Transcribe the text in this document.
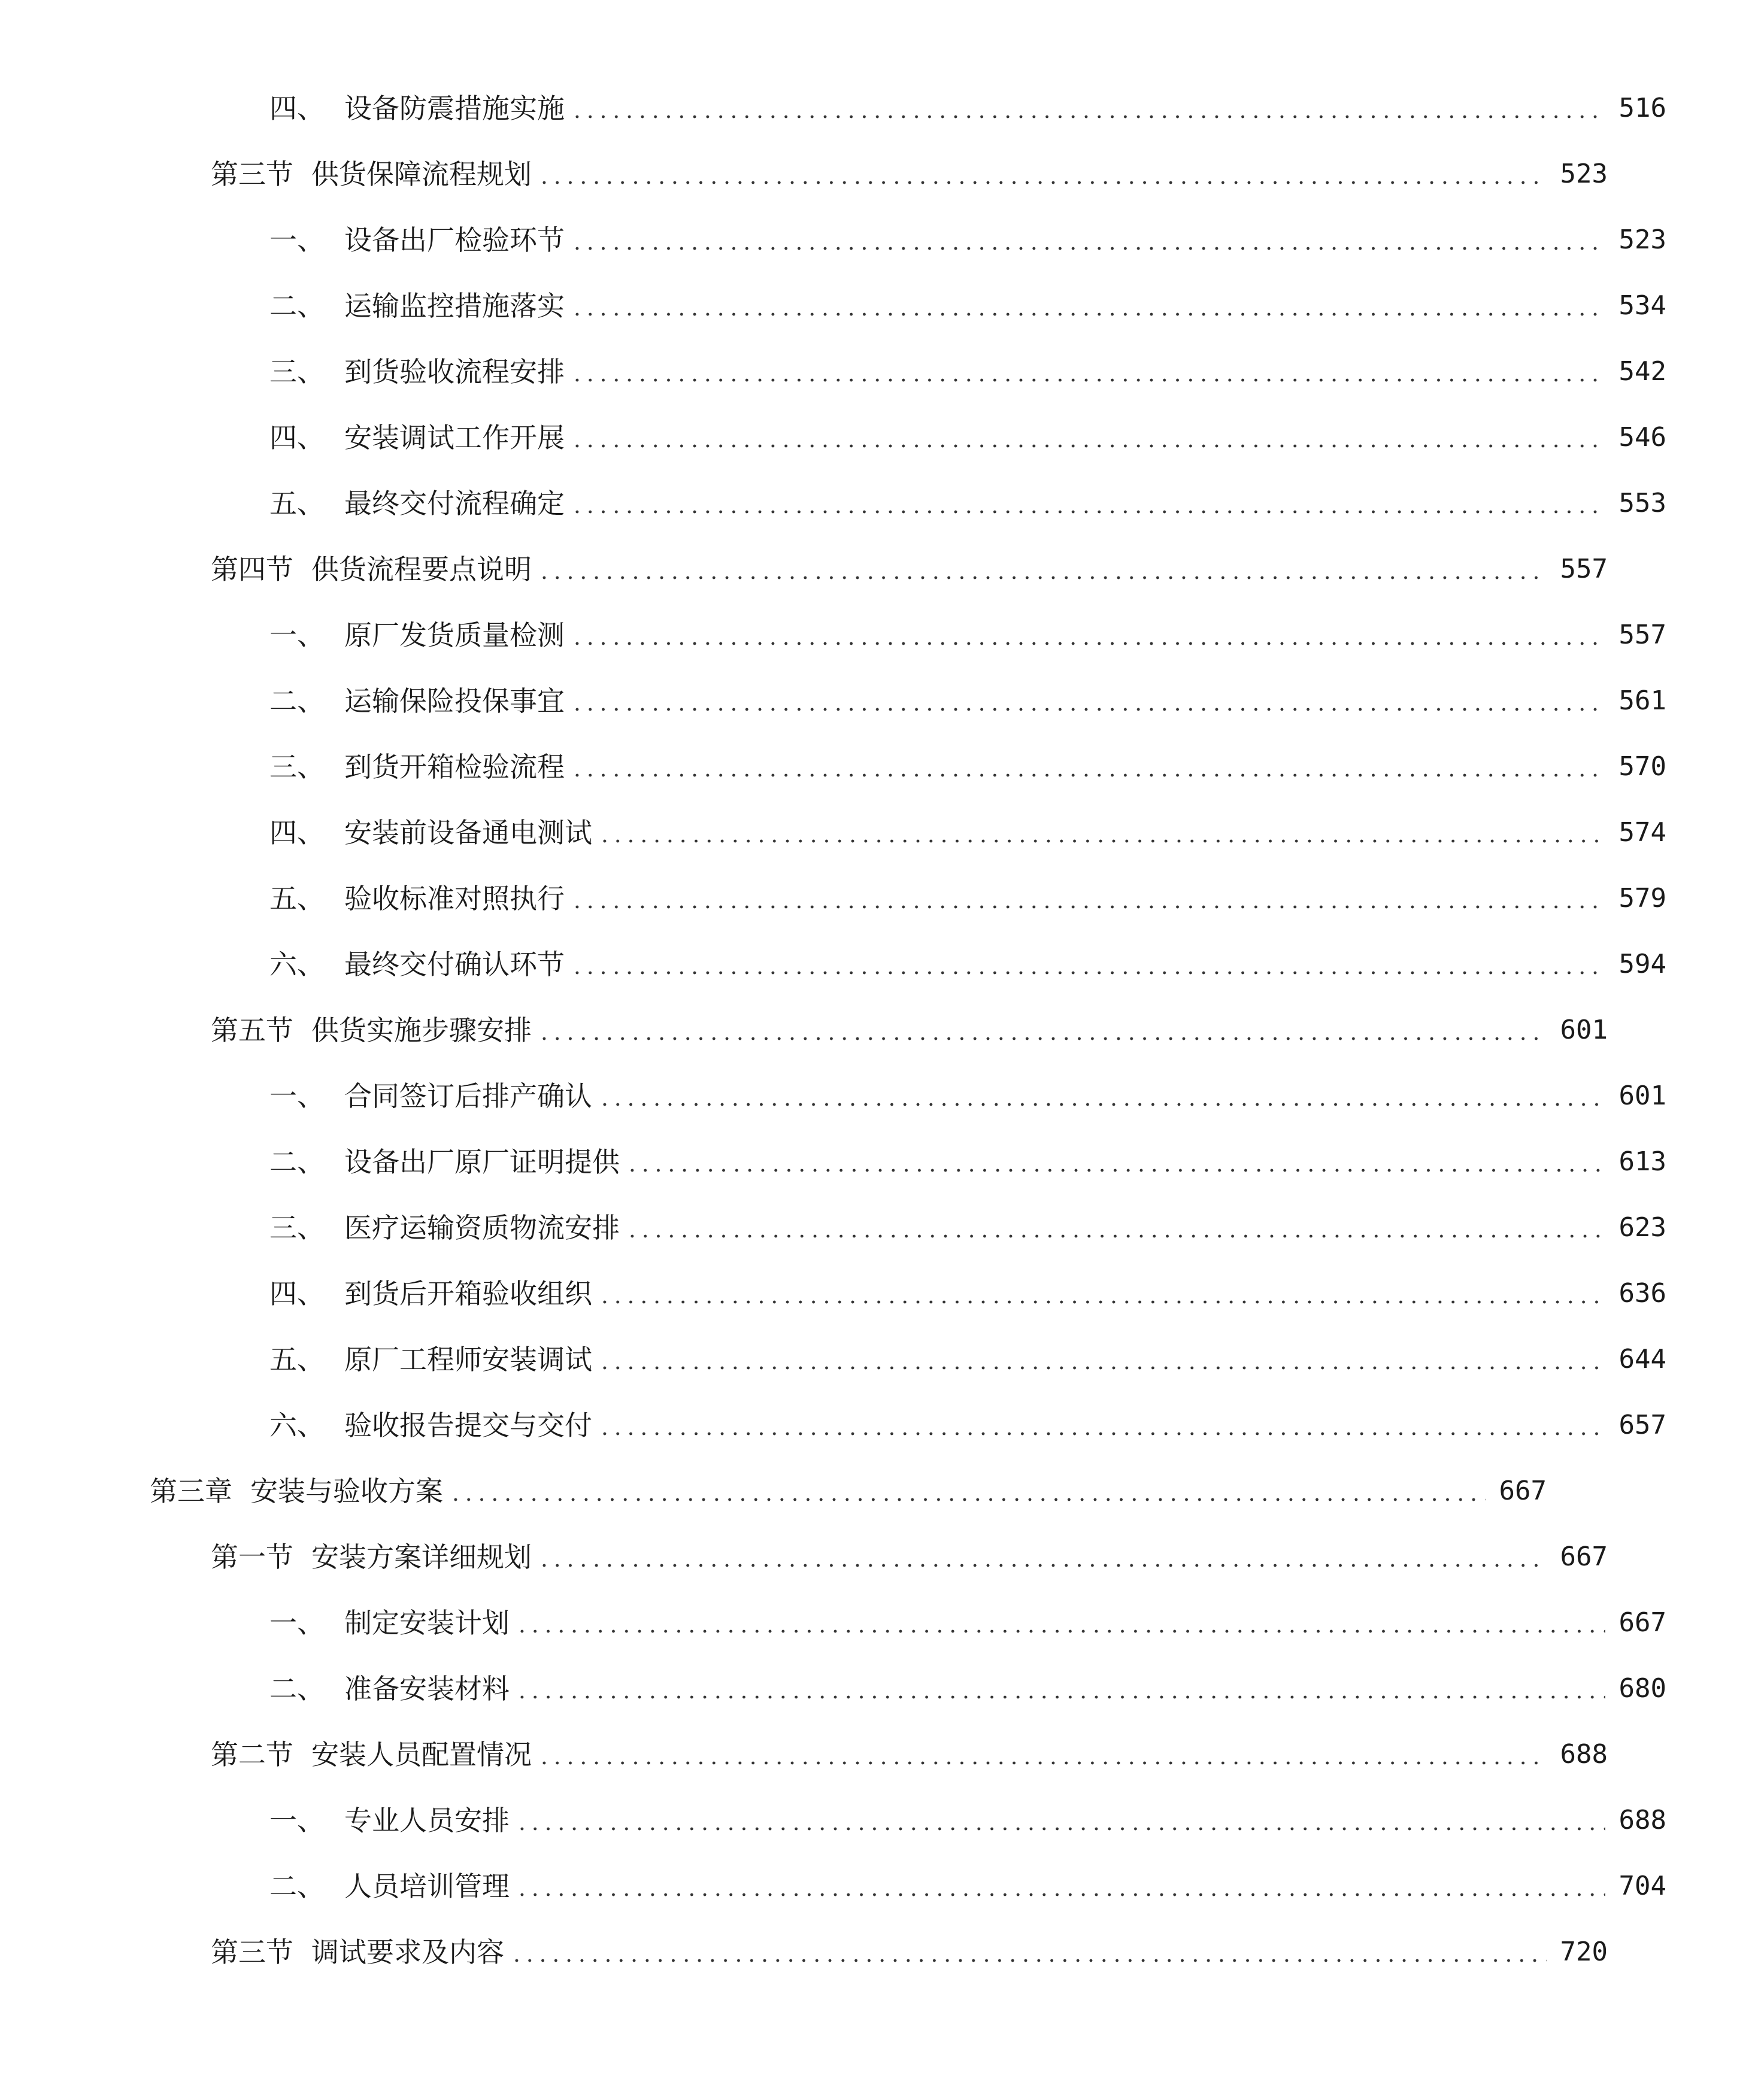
四、 设备防震措施实施	516
第三节 供货保障流程规划	523
一、 设备出厂检验环节	523
二、 运输监控措施落实	534
三、 到货验收流程安排	542
四、 安装调试工作开展	546
五、 最终交付流程确定	553
第四节 供货流程要点说明	557
一、 原厂发货质量检测	557
二、 运输保险投保事宜	561
三、 到货开箱检验流程	570
四、 安装前设备通电测试	574
五、 验收标准对照执行	579
六、 最终交付确认环节	594
第五节 供货实施步骤安排	601
一、 合同签订后排产确认	601
二、 设备出厂原厂证明提供	613
三、 医疗运输资质物流安排	623
四、 到货后开箱验收组织	636
五、 原厂工程师安装调试	644
六、 验收报告提交与交付	657
第三章 安装与验收方案	667
第一节 安装方案详细规划	667
一、 制定安装计划	667
二、 准备安装材料	680
第二节 安装人员配置情况	688
一、 专业人员安排	688
二、 人员培训管理	704
第三节 调试要求及内容	720
